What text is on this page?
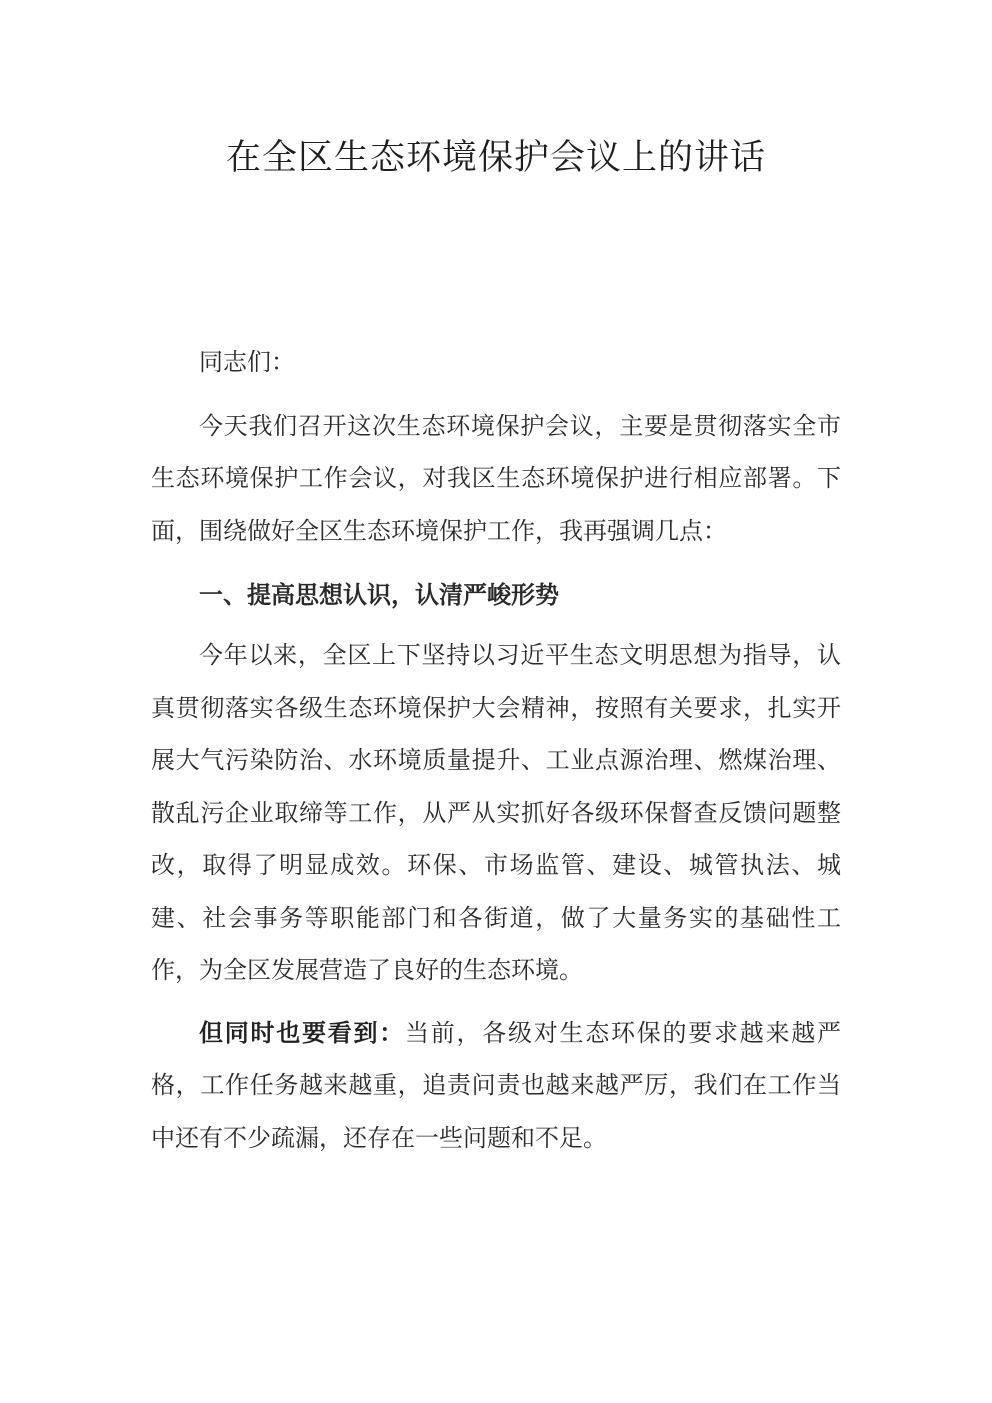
在全区生态环境保护会议上的讲话

同志们：

今天我们召开这次生态环境保护会议，主要是贯彻落实全市生态环境保护工作会议，对我区生态环境保护进行相应部署。下面，围绕做好全区生态环境保护工作，我再强调几点：

一、提高思想认识，认清严峻形势

今年以来，全区上下坚持以习近平生态文明思想为指导，认真贯彻落实各级生态环境保护大会精神，按照有关要求，扎实开展大气污染防治、水环境质量提升、工业点源治理、燃煤治理、散乱污企业取缔等工作，从严从实抓好各级环保督查反馈问题整改，取得了明显成效。环保、市场监管、建设、城管执法、城建、社会事务等职能部门和各街道，做了大量务实的基础性工作，为全区发展营造了良好的生态环境。

但同时也要看到：当前，各级对生态环保的要求越来越严格，工作任务越来越重，追责问责也越来越严厉，我们在工作当中还有不少疏漏，还存在一些问题和不足。
